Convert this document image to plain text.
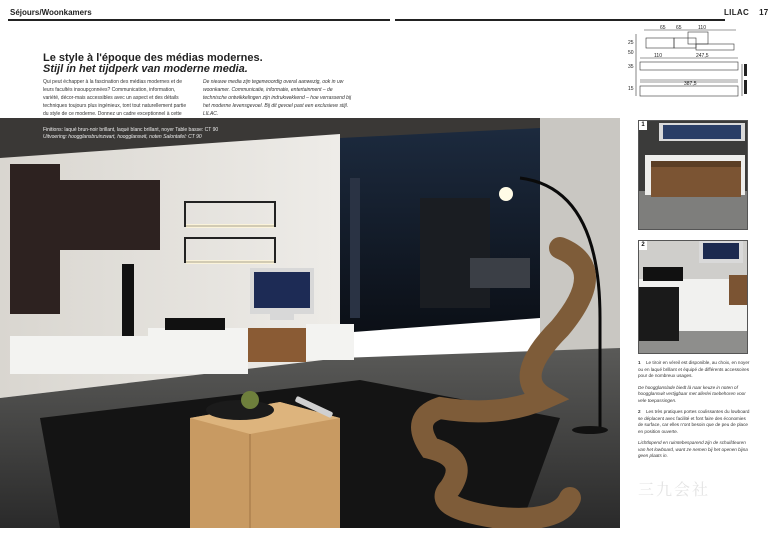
Séjours/Woonkamers	LILAC 17
Le style à l'époque des médias modernes.
Stijl in het tijdperk van moderne media.
Qui peut échapper à la fascination des médias modernes et de leurs facultés insoupçonnées? Communication, information, variété, décor-mais accessibles avec un aspect et des détails techniques toujours plus ingénieux, tont tout naturellement partie du style de ce moderne. Donnez un cadre exceptionnel à cette
De nieuwe media zijn tegenwoordig overal aanwezig, ook in uw woonkamer. Communicatie, informatie, entertainment – de technische ontwikkelingen zijn indrukwekkend – hoe verrassend bij het moderne levensgevoel. Bij dit gevoel past een exclusieve stijl. LILAC.
65 65	110
110	247,5
387,5
25
50
35
15
Finitions: laqué brun-noir brillant, laqué blanc brillant, noyer Table basse: CT 90
Uitvoering: hoogglansbruinzwart, hoogglanswit, noten Salontafel: CT 90
1
2

1 Le tiroir en véreil est disponible, au choix, en noyer ou en laqué brillant et équipé de différents accessoires pour de nombreux usages.

De hoogglanslade biedt là naar keuze in noten of hoogglanswit vertijgbaar met allerlei toebehoren voor vele toepassingen.

2 Les très pratiques portes coulissantes du lowboard se déplacent avec facilité et font faire des économies de surface, car elles n'ont besoin que de peu de place en position ouverte.

Lichtlopend en ruimtebesparend zijn de schuifdeuren van het lowboard, want ze nemen bij het openen bijna geen plaats in.

三九会社
